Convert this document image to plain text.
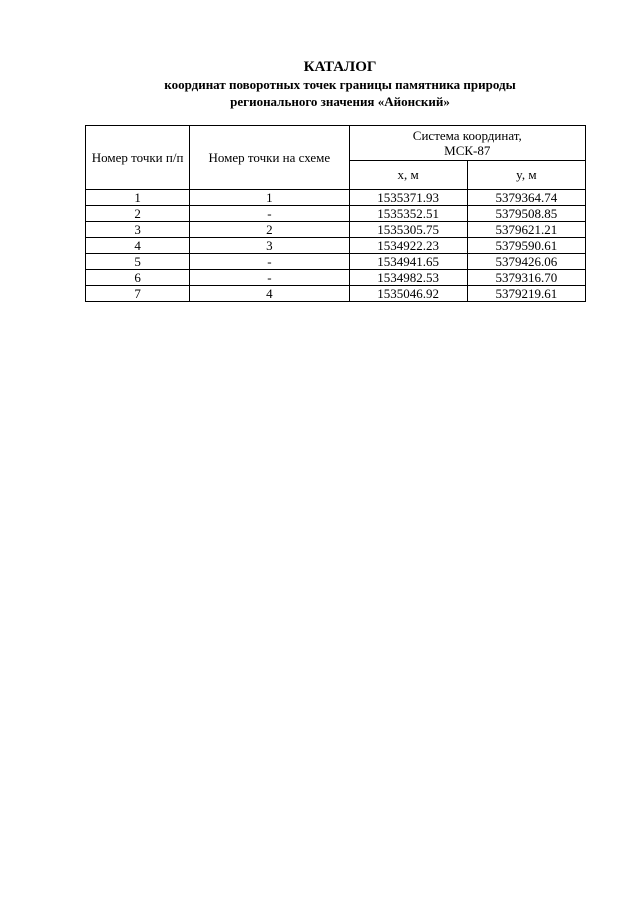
КАТАЛОГ

координат поворотных точек границы памятника природы

регионального значения «Айонский»

Номер точки п/п	Номер точки на схеме	Система координат,
МСК-87	

		x, м	y, м
1	1	1535371.93	5379364.74
2	-	1535352.51	5379508.85
3	2	1535305.75	5379621.21
4	3	1534922.23	5379590.61
5	-	1534941.65	5379426.06
6	-	1534982.53	5379316.70
7	4	1535046.92	5379219.61
